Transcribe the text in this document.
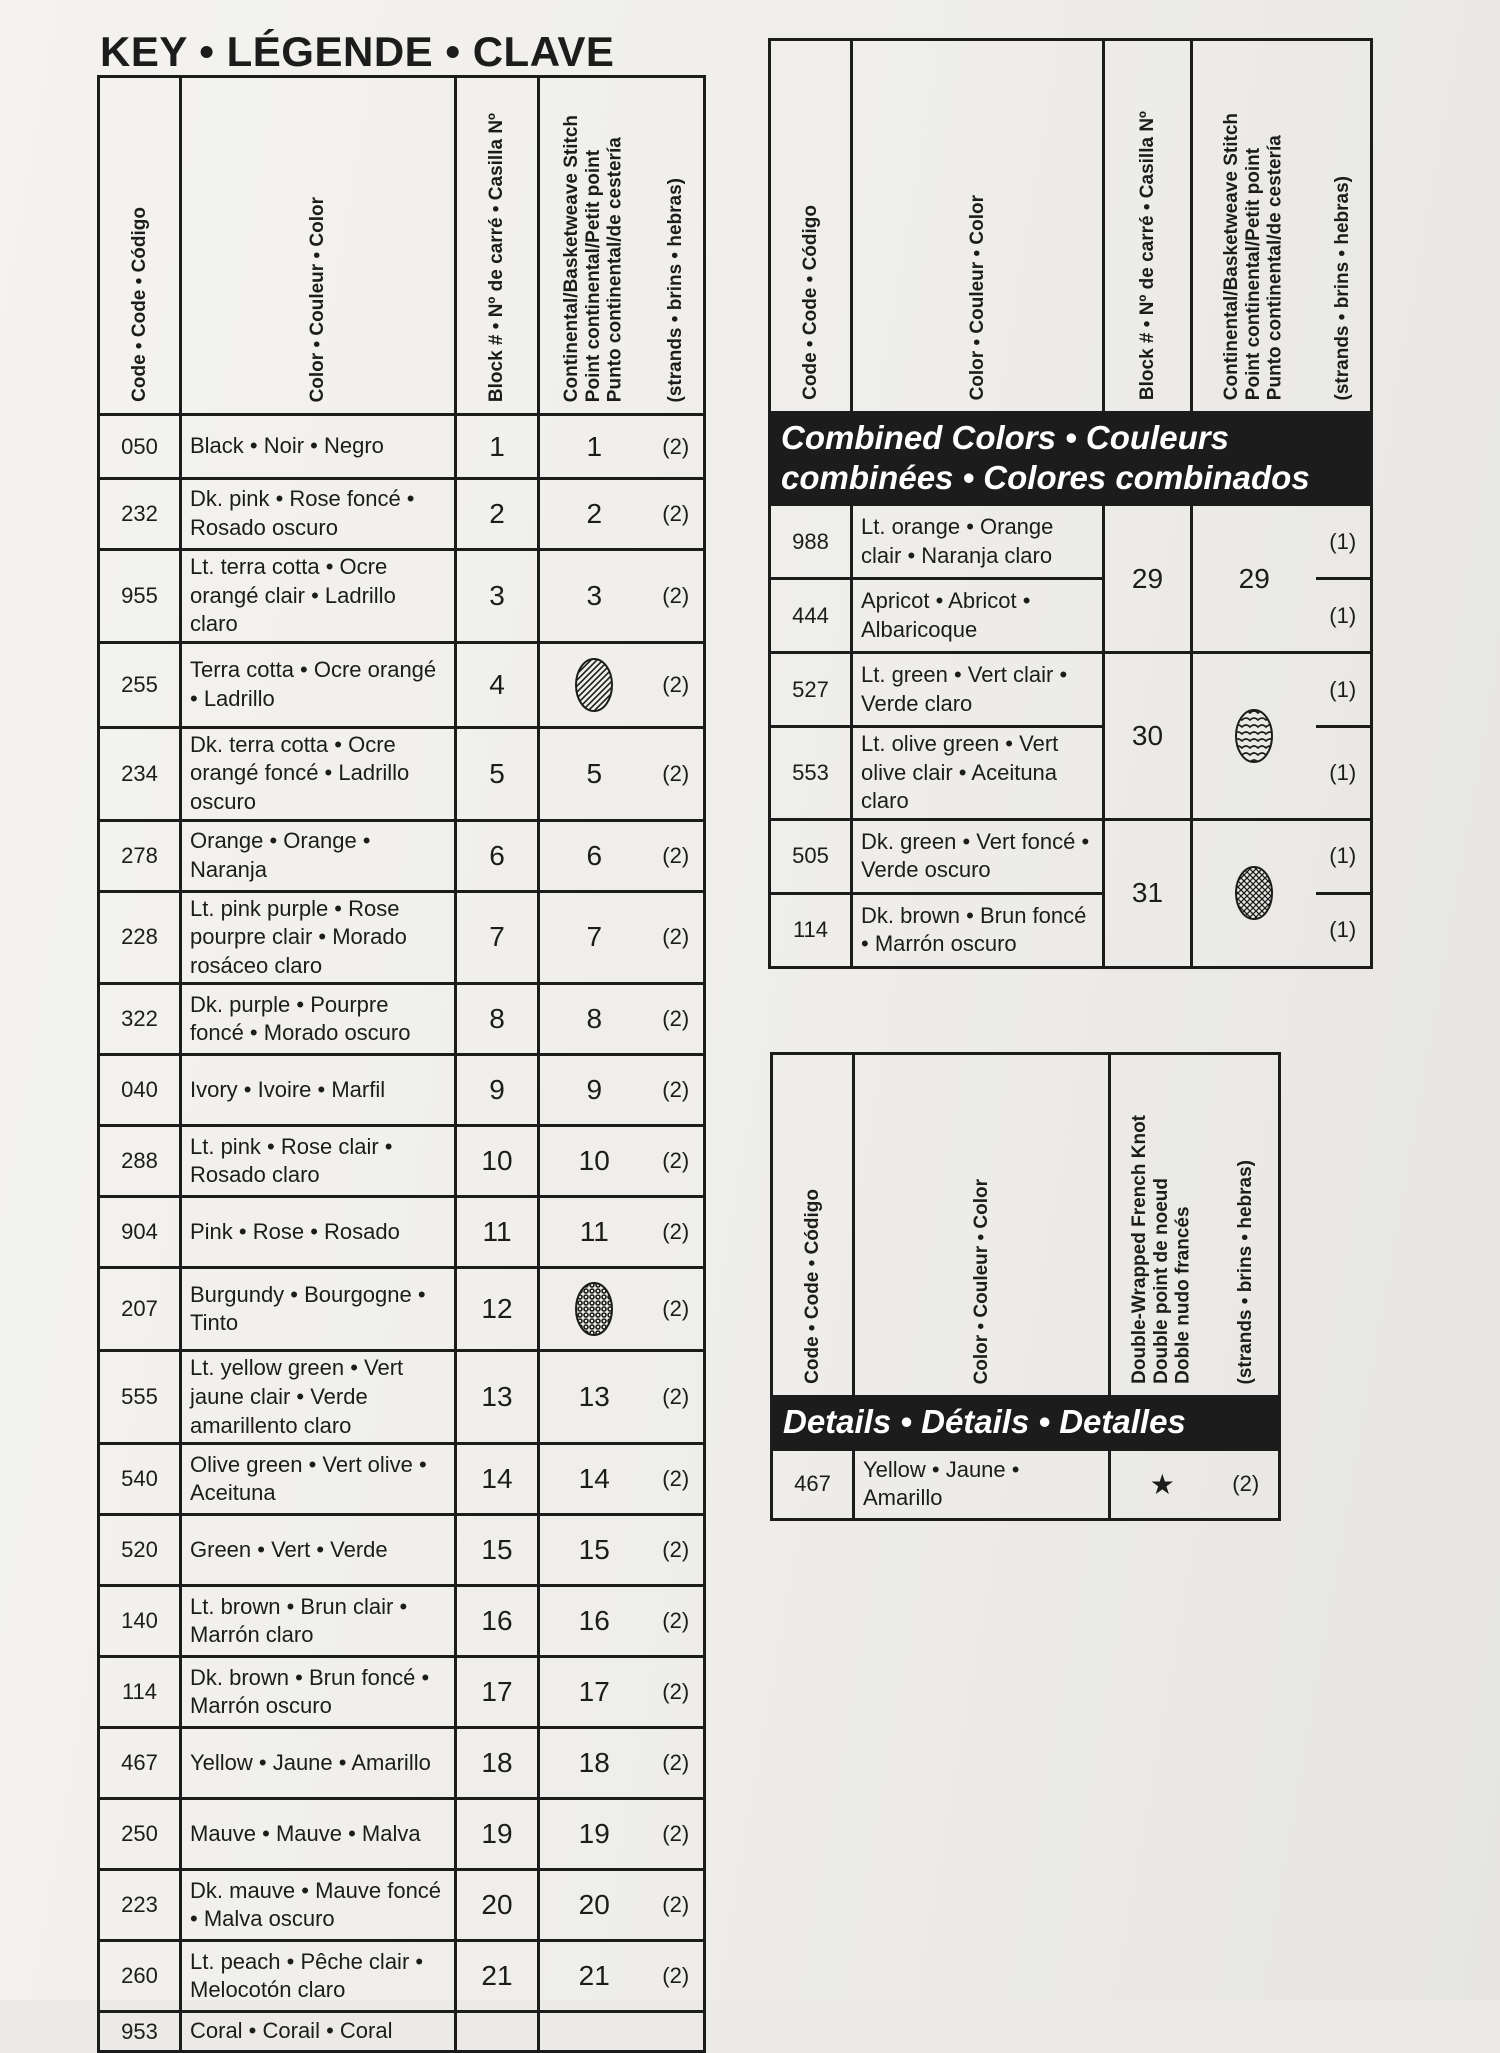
KEY • LÉGENDE • CLAVE
Code • Code • Código	Color • Couleur • Color	Block # • Nº de carré • Casilla Nº	Continental/Basketweave Stitch
Point continental/Petit point
Punto continental/de cestería	(strands • brins • hebras)
050	Black • Noir • Negro	1	1	(2)
232	Dk. pink • Rose foncé • Rosado oscuro	2	2	(2)
955	Lt. terra cotta • Ocre orangé clair • Ladrillo claro	3	3	(2)
255	Terra cotta • Ocre orangé • Ladrillo	4		(2)
234	Dk. terra cotta • Ocre orangé foncé • Ladrillo oscuro	5	5	(2)
278	Orange • Orange • Naranja	6	6	(2)
228	Lt. pink purple • Rose pourpre clair • Morado rosáceo claro	7	7	(2)
322	Dk. purple • Pourpre foncé • Morado oscuro	8	8	(2)
040	Ivory • Ivoire • Marfil	9	9	(2)
288	Lt. pink • Rose clair • Rosado claro	10	10	(2)
904	Pink • Rose • Rosado	11	11	(2)
207	Burgundy • Bourgogne • Tinto	12		(2)
555	Lt. yellow green • Vert jaune clair • Verde amarillento claro	13	13	(2)
540	Olive green • Vert olive • Aceituna	14	14	(2)
520	Green • Vert • Verde	15	15	(2)
140	Lt. brown • Brun clair • Marrón claro	16	16	(2)
114	Dk. brown • Brun foncé • Marrón oscuro	17	17	(2)
467	Yellow • Jaune • Amarillo	18	18	(2)
250	Mauve • Mauve • Malva	19	19	(2)
223	Dk. mauve • Mauve foncé • Malva oscuro	20	20	(2)
260	Lt. peach • Pêche clair • Melocotón claro	21	21	(2)
953	Coral • Corail • Coral			
Code • Code • Código	Color • Couleur • Color	Block # • Nº de carré • Casilla Nº	Continental/Basketweave Stitch
Point continental/Petit point
Punto continental/de cestería	(strands • brins • hebras)
Combined Colors • Couleurs combinées • Colores combinados				
988	Lt. orange • Orange clair • Naranja claro	29	29	(1)
444	Apricot • Abricot • Albaricoque			(1)
527	Lt. green • Vert clair • Verde claro	30		(1)
553	Lt. olive green • Vert olive clair • Aceituna claro			(1)
505	Dk. green • Vert foncé • Verde oscuro	31		(1)
114	Dk. brown • Brun foncé • Marrón oscuro			(1)
Code • Code • Código	Color • Couleur • Color	Double-Wrapped French Knot
Double point de noeud
Doble nudo francés	(strands • brins • hebras)
Details • Détails • Detalles			
467	Yellow • Jaune • Amarillo	★	(2)
